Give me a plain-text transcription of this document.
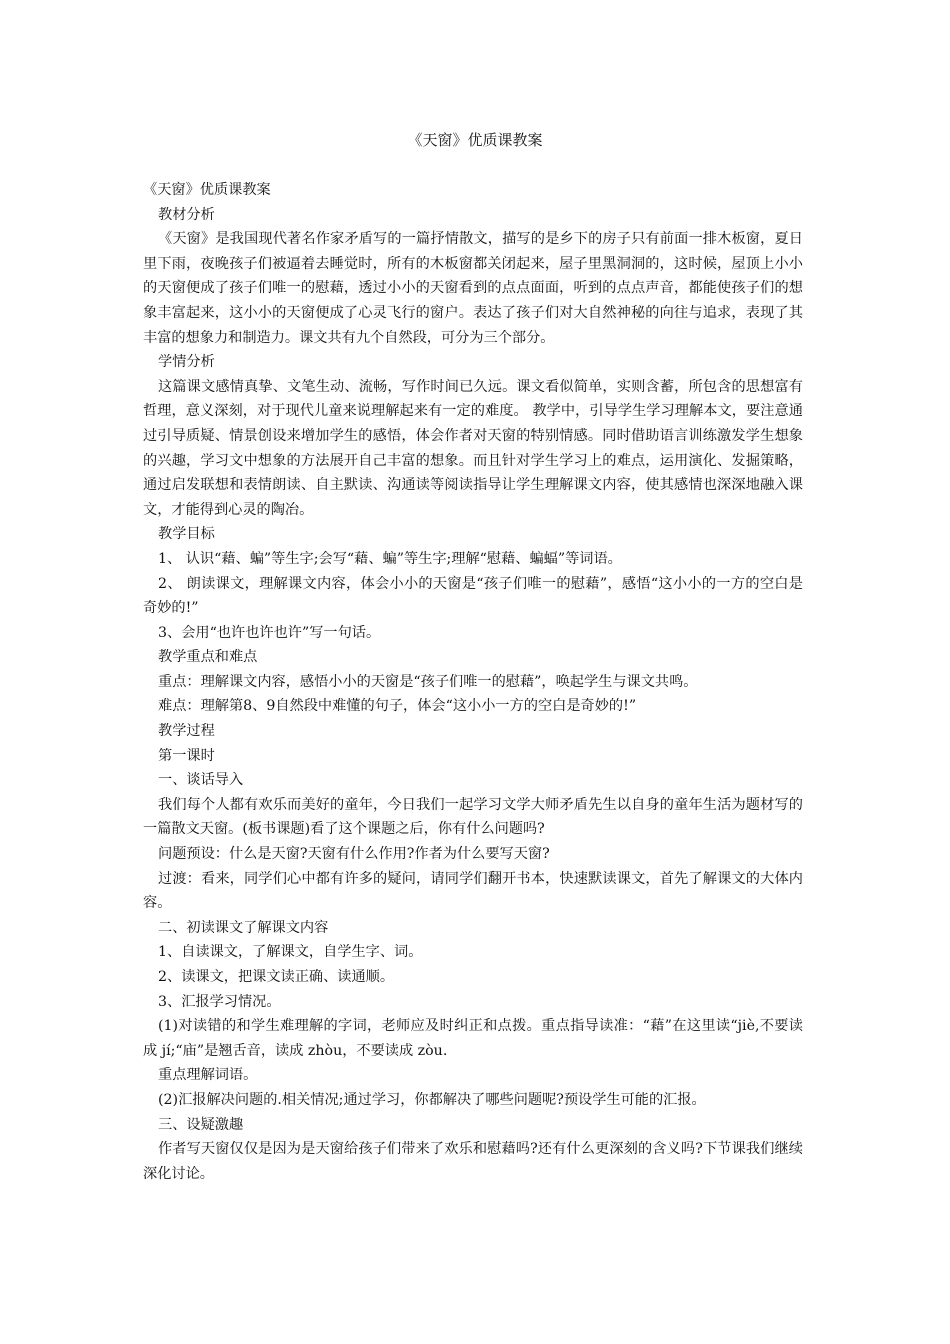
《天窗》优质课教案

《天窗》优质课教案

教材分析

《天窗》是我国现代著名作家矛盾写的一篇抒情散文，描写的是乡下的房子只有前面一排木板窗，夏日里下雨，夜晚孩子们被逼着去睡觉时，所有的木板窗都关闭起来，屋子里黑洞洞的，这时候，屋顶上小小的天窗便成了孩子们唯一的慰藉，透过小小的天窗看到的点点面面，听到的点点声音，都能使孩子们的想象丰富起来，这小小的天窗便成了心灵飞行的窗户。表达了孩子们对大自然神秘的向往与追求，表现了其丰富的想象力和制造力。课文共有九个自然段，可分为三个部分。

学情分析

这篇课文感情真挚、文笔生动、流畅，写作时间已久远。课文看似简单，实则含蓄，所包含的思想富有哲理，意义深刻，对于现代儿童来说理解起来有一定的难度。 教学中，引导学生学习理解本文，要注意通过引导质疑、情景创设来增加学生的感悟，体会作者对天窗的特别情感。同时借助语言训练激发学生想象的兴趣，学习文中想象的方法展开自己丰富的想象。而且针对学生学习上的难点，运用演化、发掘策略，通过启发联想和表情朗读、自主默读、沟通读等阅读指导让学生理解课文内容，使其感情也深深地融入课文，才能得到心灵的陶冶。

教学目标

1、 认识“藉、蝙”等生字;会写“藉、蝙”等生字;理解“慰藉、蝙蝠”等词语。

2、 朗读课文，理解课文内容，体会小小的天窗是“孩子们唯一的慰藉”，感悟“这小小的一方的空白是奇妙的!”

3、会用“也许也许也许”写一句话。

教学重点和难点

重点：理解课文内容，感悟小小的天窗是“孩子们唯一的慰藉”，唤起学生与课文共鸣。

难点：理解第8、9自然段中难懂的句子，体会“这小小一方的空白是奇妙的!”

教学过程

第一课时

一、谈话导入

我们每个人都有欢乐而美好的童年，今日我们一起学习文学大师矛盾先生以自身的童年生活为题材写的一篇散文天窗。(板书课题)看了这个课题之后，你有什么问题吗?

问题预设：什么是天窗?天窗有什么作用?作者为什么要写天窗?

过渡：看来，同学们心中都有许多的疑问，请同学们翻开书本，快速默读课文，首先了解课文的大体内容。

二、初读课文了解课文内容

1、自读课文，了解课文，自学生字、词。

2、读课文，把课文读正确、读通顺。

3、汇报学习情况。

(1)对读错的和学生难理解的字词，老师应及时纠正和点拨。重点指导读准：“藉”在这里读“jiè,不要读成 jí;“庙”是翘舌音，读成 zhòu，不要读成 zòu.

重点理解词语。

(2)汇报解决问题的.相关情况;通过学习，你都解决了哪些问题呢?预设学生可能的汇报。

三、设疑激趣

作者写天窗仅仅是因为是天窗给孩子们带来了欢乐和慰藉吗?还有什么更深刻的含义吗?下节课我们继续深化讨论。
